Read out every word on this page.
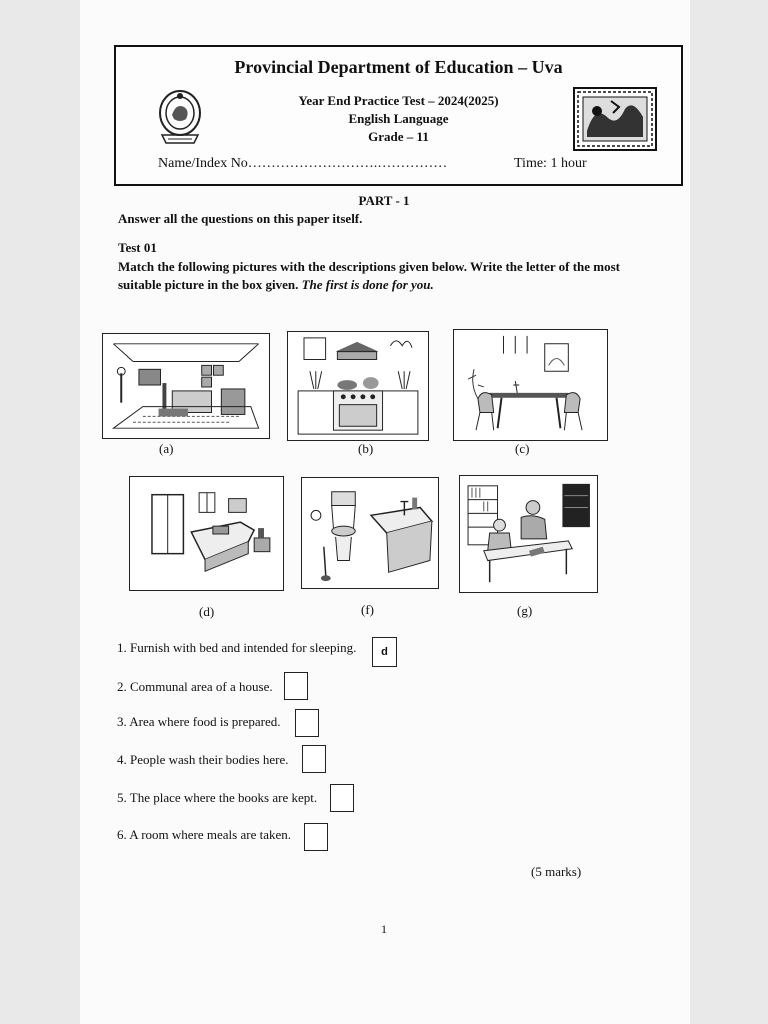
Provincial Department of Education – Uva
Year End Practice Test – 2024(2025)
English Language
Grade – 11
Name/Index No……………………….……………	Time: 1 hour
PART - 1
Answer all the questions on this paper itself.
Test 01
Match the following pictures with the descriptions given below. Write the letter of the most suitable picture in the box given. The first is done for you.
(a)	(b)	(c)
(d)	(f)	(g)
1. Furnish with bed and intended for sleeping.	d
2. Communal area of a house.
3. Area where food is prepared.
4. People wash their bodies here.
5. The place where the books are kept.
6. A room where meals are taken.
(5 marks)
1
